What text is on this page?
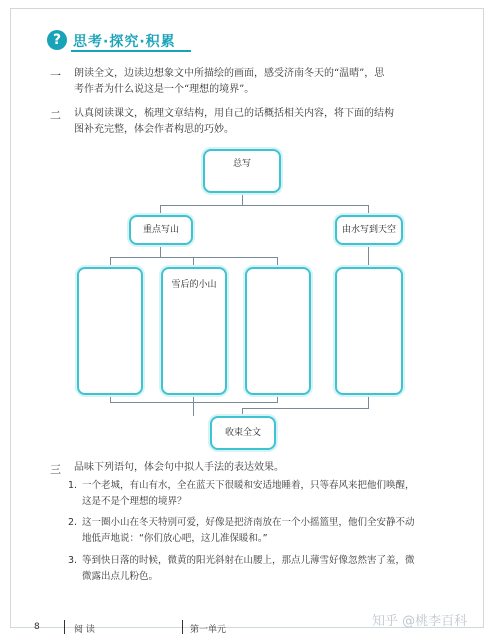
? 思考·探究·积累
一 朗读全文，边读边想象文中所描绘的画面，感受济南冬天的“温晴”，思
考作者为什么说这是一个“理想的境界”。
二 认真阅读课文，梳理文章结构，用自己的话概括相关内容，将下面的结构
图补充完整，体会作者构思的巧妙。
总写
重点写山	由水写到天空
雪后的小山
收束全文
三 品味下列语句，体会句中拟人手法的表达效果。
1. 一个老城，有山有水，全在蓝天下很暖和安适地睡着，只等春风来把他们唤醒，
这是不是个理想的境界？
2. 这一圈小山在冬天特别可爱，好像是把济南放在一个小摇篮里，他们全安静不动
地低声地说：“你们放心吧，这儿准保暖和。”
3. 等到快日落的时候，微黄的阳光斜射在山腰上，那点儿薄雪好像忽然害了羞，微
微露出点儿粉色。
8	阅 读	第一单元
知乎 @桃李百科
